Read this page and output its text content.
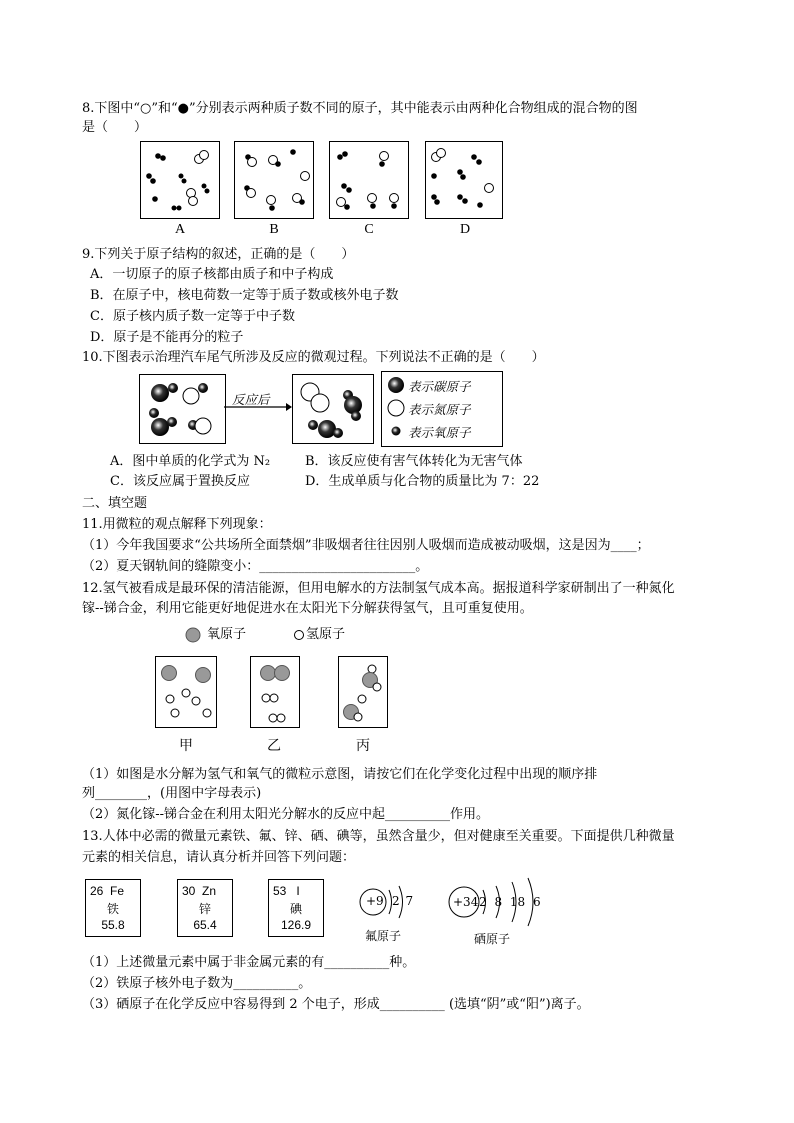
8.下图中“○”和“●”分别表示两种质子数不同的原子，其中能表示由两种化合物组成的混合物的图
是（　　）
A	B	C	D
9.下列关于原子结构的叙述，正确的是（　　）
A．一切原子的原子核都由质子和中子构成
B．在原子中，核电荷数一定等于质子数或核外电子数
C．原子核内质子数一定等于中子数
D．原子是不能再分的粒子
10.下图表示治理汽车尾气所涉及反应的微观过程。下列说法不正确的是（　　）
反应后
表示碳原子
表示氮原子
表示氧原子
A．图中单质的化学式为 N₂	B．该反应使有害气体转化为无害气体
C．该反应属于置换反应	D．生成单质与化合物的质量比为 7：22
二、填空题
11.用微粒的观点解释下列现象：
（1）今年我国要求“公共场所全面禁烟”非吸烟者往往因别人吸烟而造成被动吸烟，这是因为____；
（2）夏天钢轨间的缝隙变小：________________________。
12.氢气被看成是最环保的清洁能源，但用电解水的方法制氢气成本高。据报道科学家研制出了一种氮化
镓--锑合金，利用它能更好地促进水在太阳光下分解获得氢气，且可重复使用。
氧原子	氢原子
甲	乙	丙
（1）如图是水分解为氢气和氧气的微粒示意图，请按它们在化学变化过程中出现的顺序排
列________，(用图中字母表示)
（2）氮化镓--锑合金在利用太阳光分解水的反应中起__________作用。
13.人体中必需的微量元素铁、氟、锌、硒、碘等，虽然含量少，但对健康至关重要。下面提供几种微量
元素的相关信息，请认真分析并回答下列问题：
26 Fe
铁
55.8
30 Zn
锌
65.4
53 I
碘
126.9
+9 2 7
氟原子
+34 2 8 18 6
硒原子
（1）上述微量元素中属于非金属元素的有__________种。
（2）铁原子核外电子数为__________。
（3）硒原子在化学反应中容易得到 2 个电子，形成__________ (选填“阴”或“阳”)离子。
